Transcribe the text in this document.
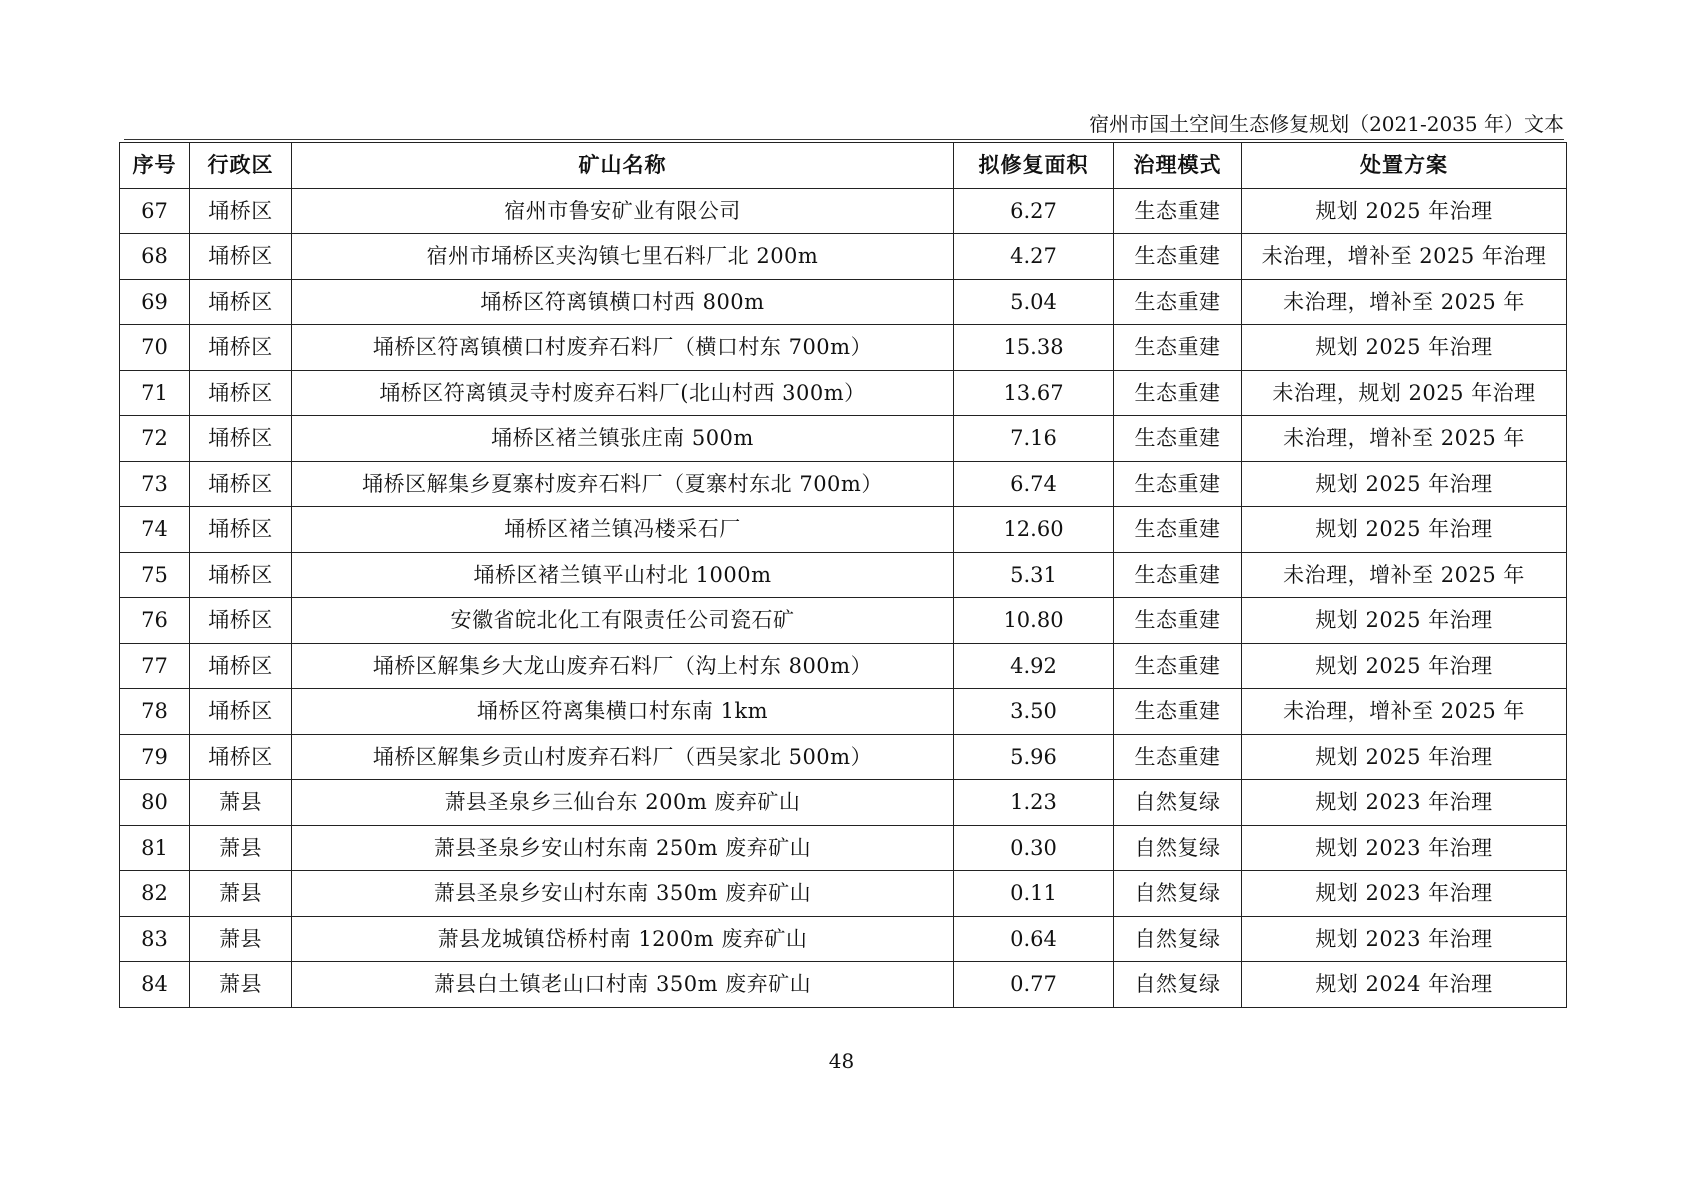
宿州市国土空间生态修复规划（2021-2035 年）文本
序号	行政区	矿山名称	拟修复面积	治理模式	处置方案
67	埇桥区	宿州市鲁安矿业有限公司	6.27	生态重建	规划 2025 年治理
68	埇桥区	宿州市埇桥区夹沟镇七里石料厂北 200m	4.27	生态重建	未治理，增补至 2025 年治理
69	埇桥区	埇桥区符离镇横口村西 800m	5.04	生态重建	未治理，增补至 2025 年
70	埇桥区	埇桥区符离镇横口村废弃石料厂（横口村东 700m）	15.38	生态重建	规划 2025 年治理
71	埇桥区	埇桥区符离镇灵寺村废弃石料厂(北山村西 300m）	13.67	生态重建	未治理，规划 2025 年治理
72	埇桥区	埇桥区褚兰镇张庄南 500m	7.16	生态重建	未治理，增补至 2025 年
73	埇桥区	埇桥区解集乡夏寨村废弃石料厂（夏寨村东北 700m）	6.74	生态重建	规划 2025 年治理
74	埇桥区	埇桥区褚兰镇冯楼采石厂	12.60	生态重建	规划 2025 年治理
75	埇桥区	埇桥区褚兰镇平山村北 1000m	5.31	生态重建	未治理，增补至 2025 年
76	埇桥区	安徽省皖北化工有限责任公司瓷石矿	10.80	生态重建	规划 2025 年治理
77	埇桥区	埇桥区解集乡大龙山废弃石料厂（沟上村东 800m）	4.92	生态重建	规划 2025 年治理
78	埇桥区	埇桥区符离集横口村东南 1km	3.50	生态重建	未治理，增补至 2025 年
79	埇桥区	埇桥区解集乡贡山村废弃石料厂（西吴家北 500m）	5.96	生态重建	规划 2025 年治理
80	萧县	萧县圣泉乡三仙台东 200m 废弃矿山	1.23	自然复绿	规划 2023 年治理
81	萧县	萧县圣泉乡安山村东南 250m 废弃矿山	0.30	自然复绿	规划 2023 年治理
82	萧县	萧县圣泉乡安山村东南 350m 废弃矿山	0.11	自然复绿	规划 2023 年治理
83	萧县	萧县龙城镇岱桥村南 1200m 废弃矿山	0.64	自然复绿	规划 2023 年治理
84	萧县	萧县白土镇老山口村南 350m 废弃矿山	0.77	自然复绿	规划 2024 年治理
48
